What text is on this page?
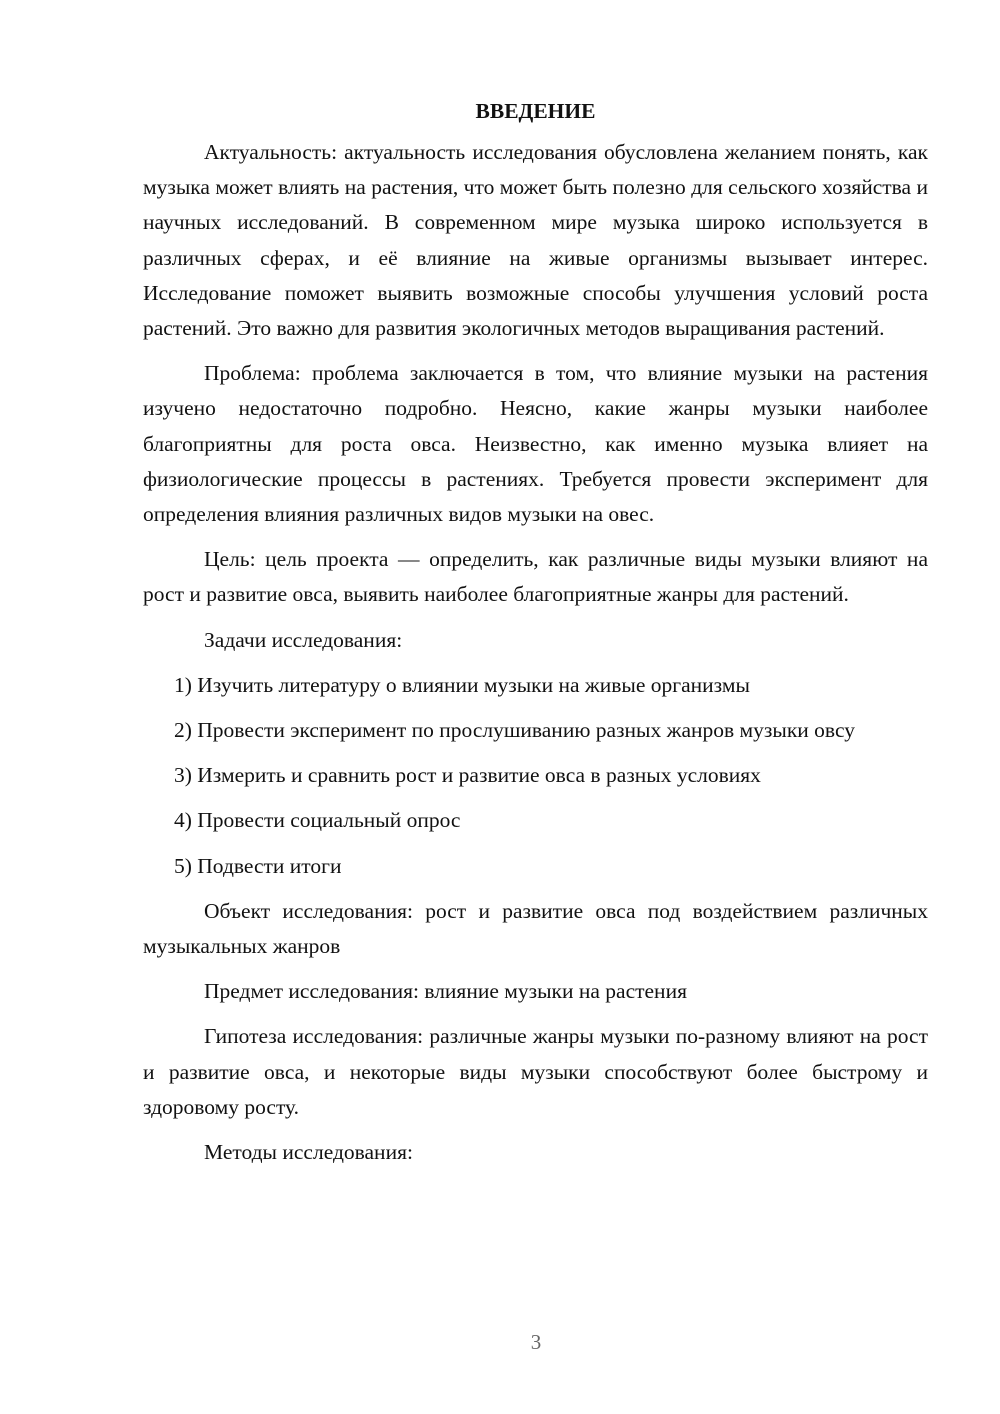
ВВЕДЕНИЕ

Актуальность: актуальность исследования обусловлена желанием понять, как музыка может влиять на растения, что может быть полезно для сельского хозяйства и научных исследований. В современном мире музыка широко используется в различных сферах, и её влияние на живые организмы вызывает интерес. Исследование поможет выявить возможные способы улучшения условий роста растений. Это важно для развития экологичных методов выращивания растений.

Проблема: проблема заключается в том, что влияние музыки на растения изучено недостаточно подробно. Неясно, какие жанры музыки наиболее благоприятны для роста овса. Неизвестно, как именно музыка влияет на физиологические процессы в растениях. Требуется провести эксперимент для определения влияния различных видов музыки на овес.

Цель: цель проекта — определить, как различные виды музыки влияют на рост и развитие овса, выявить наиболее благоприятные жанры для растений.

Задачи исследования:

1) Изучить литературу о влиянии музыки на живые организмы

2) Провести эксперимент по прослушиванию разных жанров музыки овсу

3) Измерить и сравнить рост и развитие овса в разных условиях

4) Провести социальный опрос

5) Подвести итоги

Объект исследования: рост и развитие овса под воздействием различных музыкальных жанров

Предмет исследования: влияние музыки на растения

Гипотеза исследования: различные жанры музыки по-разному влияют на рост и развитие овса, и некоторые виды музыки способствуют более быстрому и здоровому росту.

Методы исследования:

3
